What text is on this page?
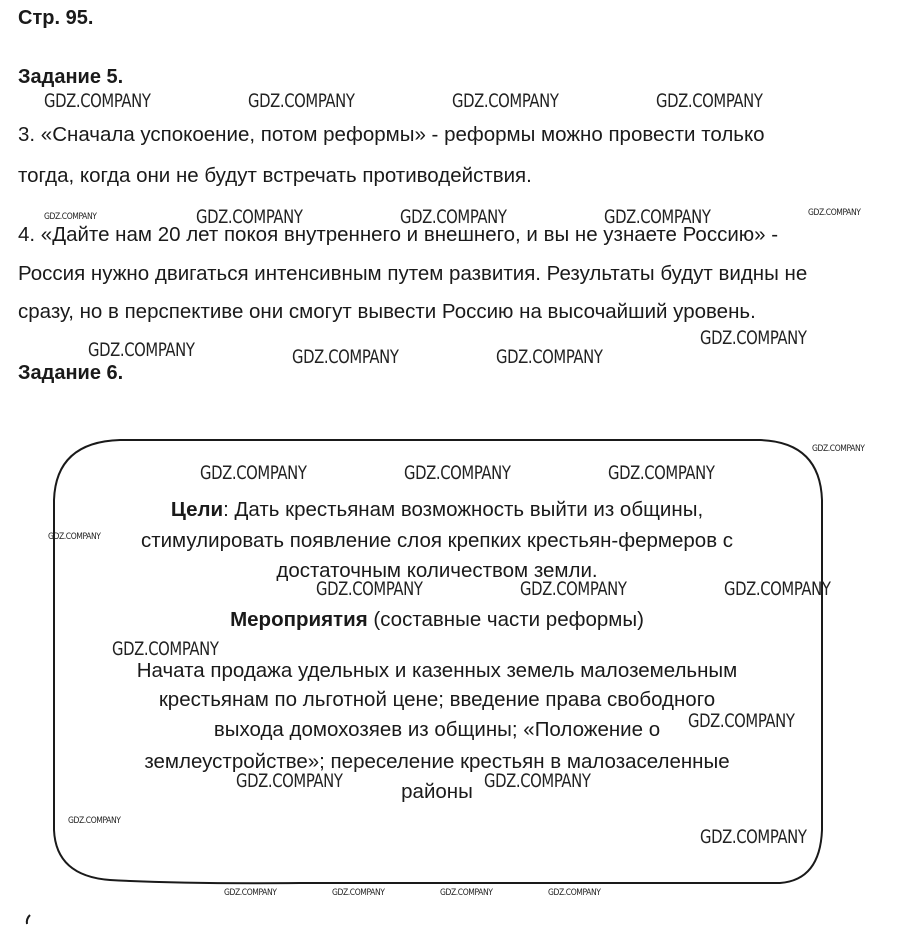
Стр. 95.
Задание 5.
3. «Сначала успокоение, потом реформы» - реформы можно провести только
тогда, когда они не будут встречать противодействия.
4. «Дайте нам 20 лет покоя внутреннего и внешнего, и вы не узнаете Россию» -
Россия нужно двигаться интенсивным путем развития. Результаты будут видны не
сразу, но в перспективе они смогут вывести Россию на высочайший уровень.
Задание 6.
Цели: Дать крестьянам возможность выйти из общины,
стимулировать появление слоя крепких крестьян-фермеров с
достаточным количеством земли.
Мероприятия (составные части реформы)
Начата продажа удельных и казенных земель малоземельным
крестьянам по льготной цене; введение права свободного
выхода домохозяев из общины; «Положение о
землеустройстве»; переселение крестьян в малозаселенные
районы
GDZ.COMPANY	GDZ.COMPANY	GDZ.COMPANY	GDZ.COMPANY
GDZ.COMPANY	GDZ.COMPANY	GDZ.COMPANY
GDZ.COMPANY	GDZ.COMPANY	GDZ.COMPANY
GDZ.COMPANY
GDZ.COMPANY	GDZ.COMPANY	GDZ.COMPANY
GDZ.COMPANY	GDZ.COMPANY	GDZ.COMPANY
GDZ.COMPANY
GDZ.COMPANY
GDZ.COMPANY	GDZ.COMPANY
GDZ.COMPANY
GDZ.COMPANY	GDZ.COMPANY
GDZ.COMPANY
GDZ.COMPANY
GDZ.COMPANY
GDZ.COMPANY	GDZ.COMPANY	GDZ.COMPANY	GDZ.COMPANY
